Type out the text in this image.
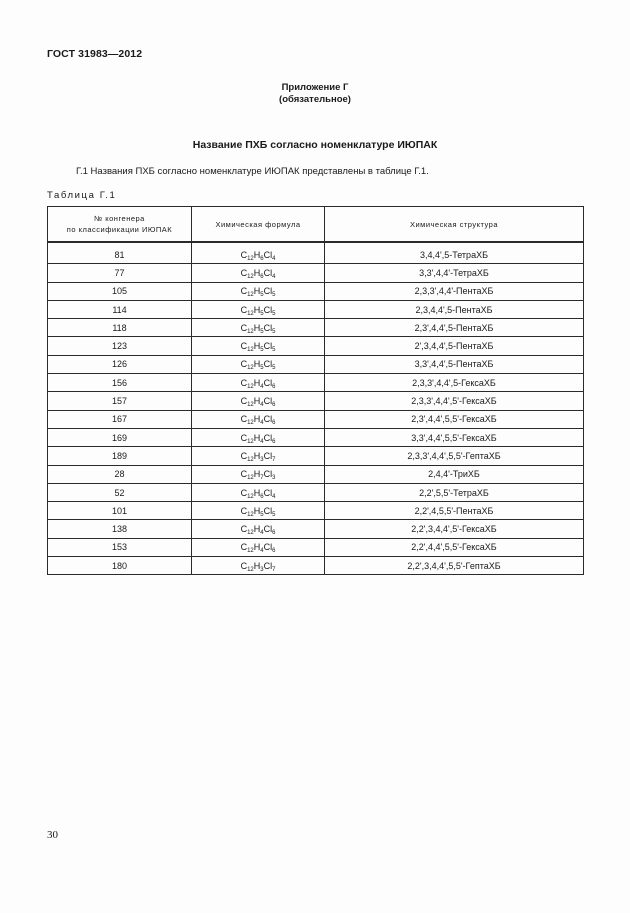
ГОСТ 31983—2012
Приложение Г
(обязательное)
Название ПХБ согласно номенклатуре ИЮПАК
Г.1 Названия ПХБ согласно номенклатуре ИЮПАК представлены в таблице Г.1.
Таблица Г.1
№ конгенера
по классификации ИЮПАК	Химическая формула	Химическая структура
81	$C_{12}H_6Cl_4$	3,4,4',5-ТетраХБ
77	$C_{12}H_6Cl_4$	3,3',4,4'-ТетраХБ
105	$C_{12}H_5Cl_5$	2,3,3',4,4'-ПентаХБ
114	$C_{12}H_5Cl_5$	2,3,4,4',5-ПентаХБ
118	$C_{12}H_5Cl_5$	2,3',4,4',5-ПентаХБ
123	$C_{12}H_5Cl_5$	2',3,4,4',5-ПентаХБ
126	$C_{12}H_5Cl_5$	3,3',4,4',5-ПентаХБ
156	$C_{12}H_4Cl_6$	2,3,3',4,4',5-ГексаХБ
157	$C_{12}H_4Cl_6$	2,3,3',4,4',5'-ГексаХБ
167	$C_{12}H_4Cl_6$	2,3',4,4',5,5'-ГексаХБ
169	$C_{12}H_4Cl_6$	3,3',4,4',5,5'-ГексаХБ
189	$C_{12}H_3Cl_7$	2,3,3',4,4',5,5'-ГептаХБ
28	$C_{12}H_7Cl_3$	2,4,4'-ТриХБ
52	$C_{12}H_6Cl_4$	2,2',5,5'-ТетраХБ
101	$C_{12}H_5Cl_5$	2,2',4,5,5'-ПентаХБ
138	$C_{12}H_4Cl_6$	2,2',3,4,4',5'-ГексаХБ
153	$C_{12}H_4Cl_6$	2,2',4,4',5,5'-ГексаХБ
180	$C_{12}H_3Cl_7$	2,2',3,4,4',5,5'-ГептаХБ
30
